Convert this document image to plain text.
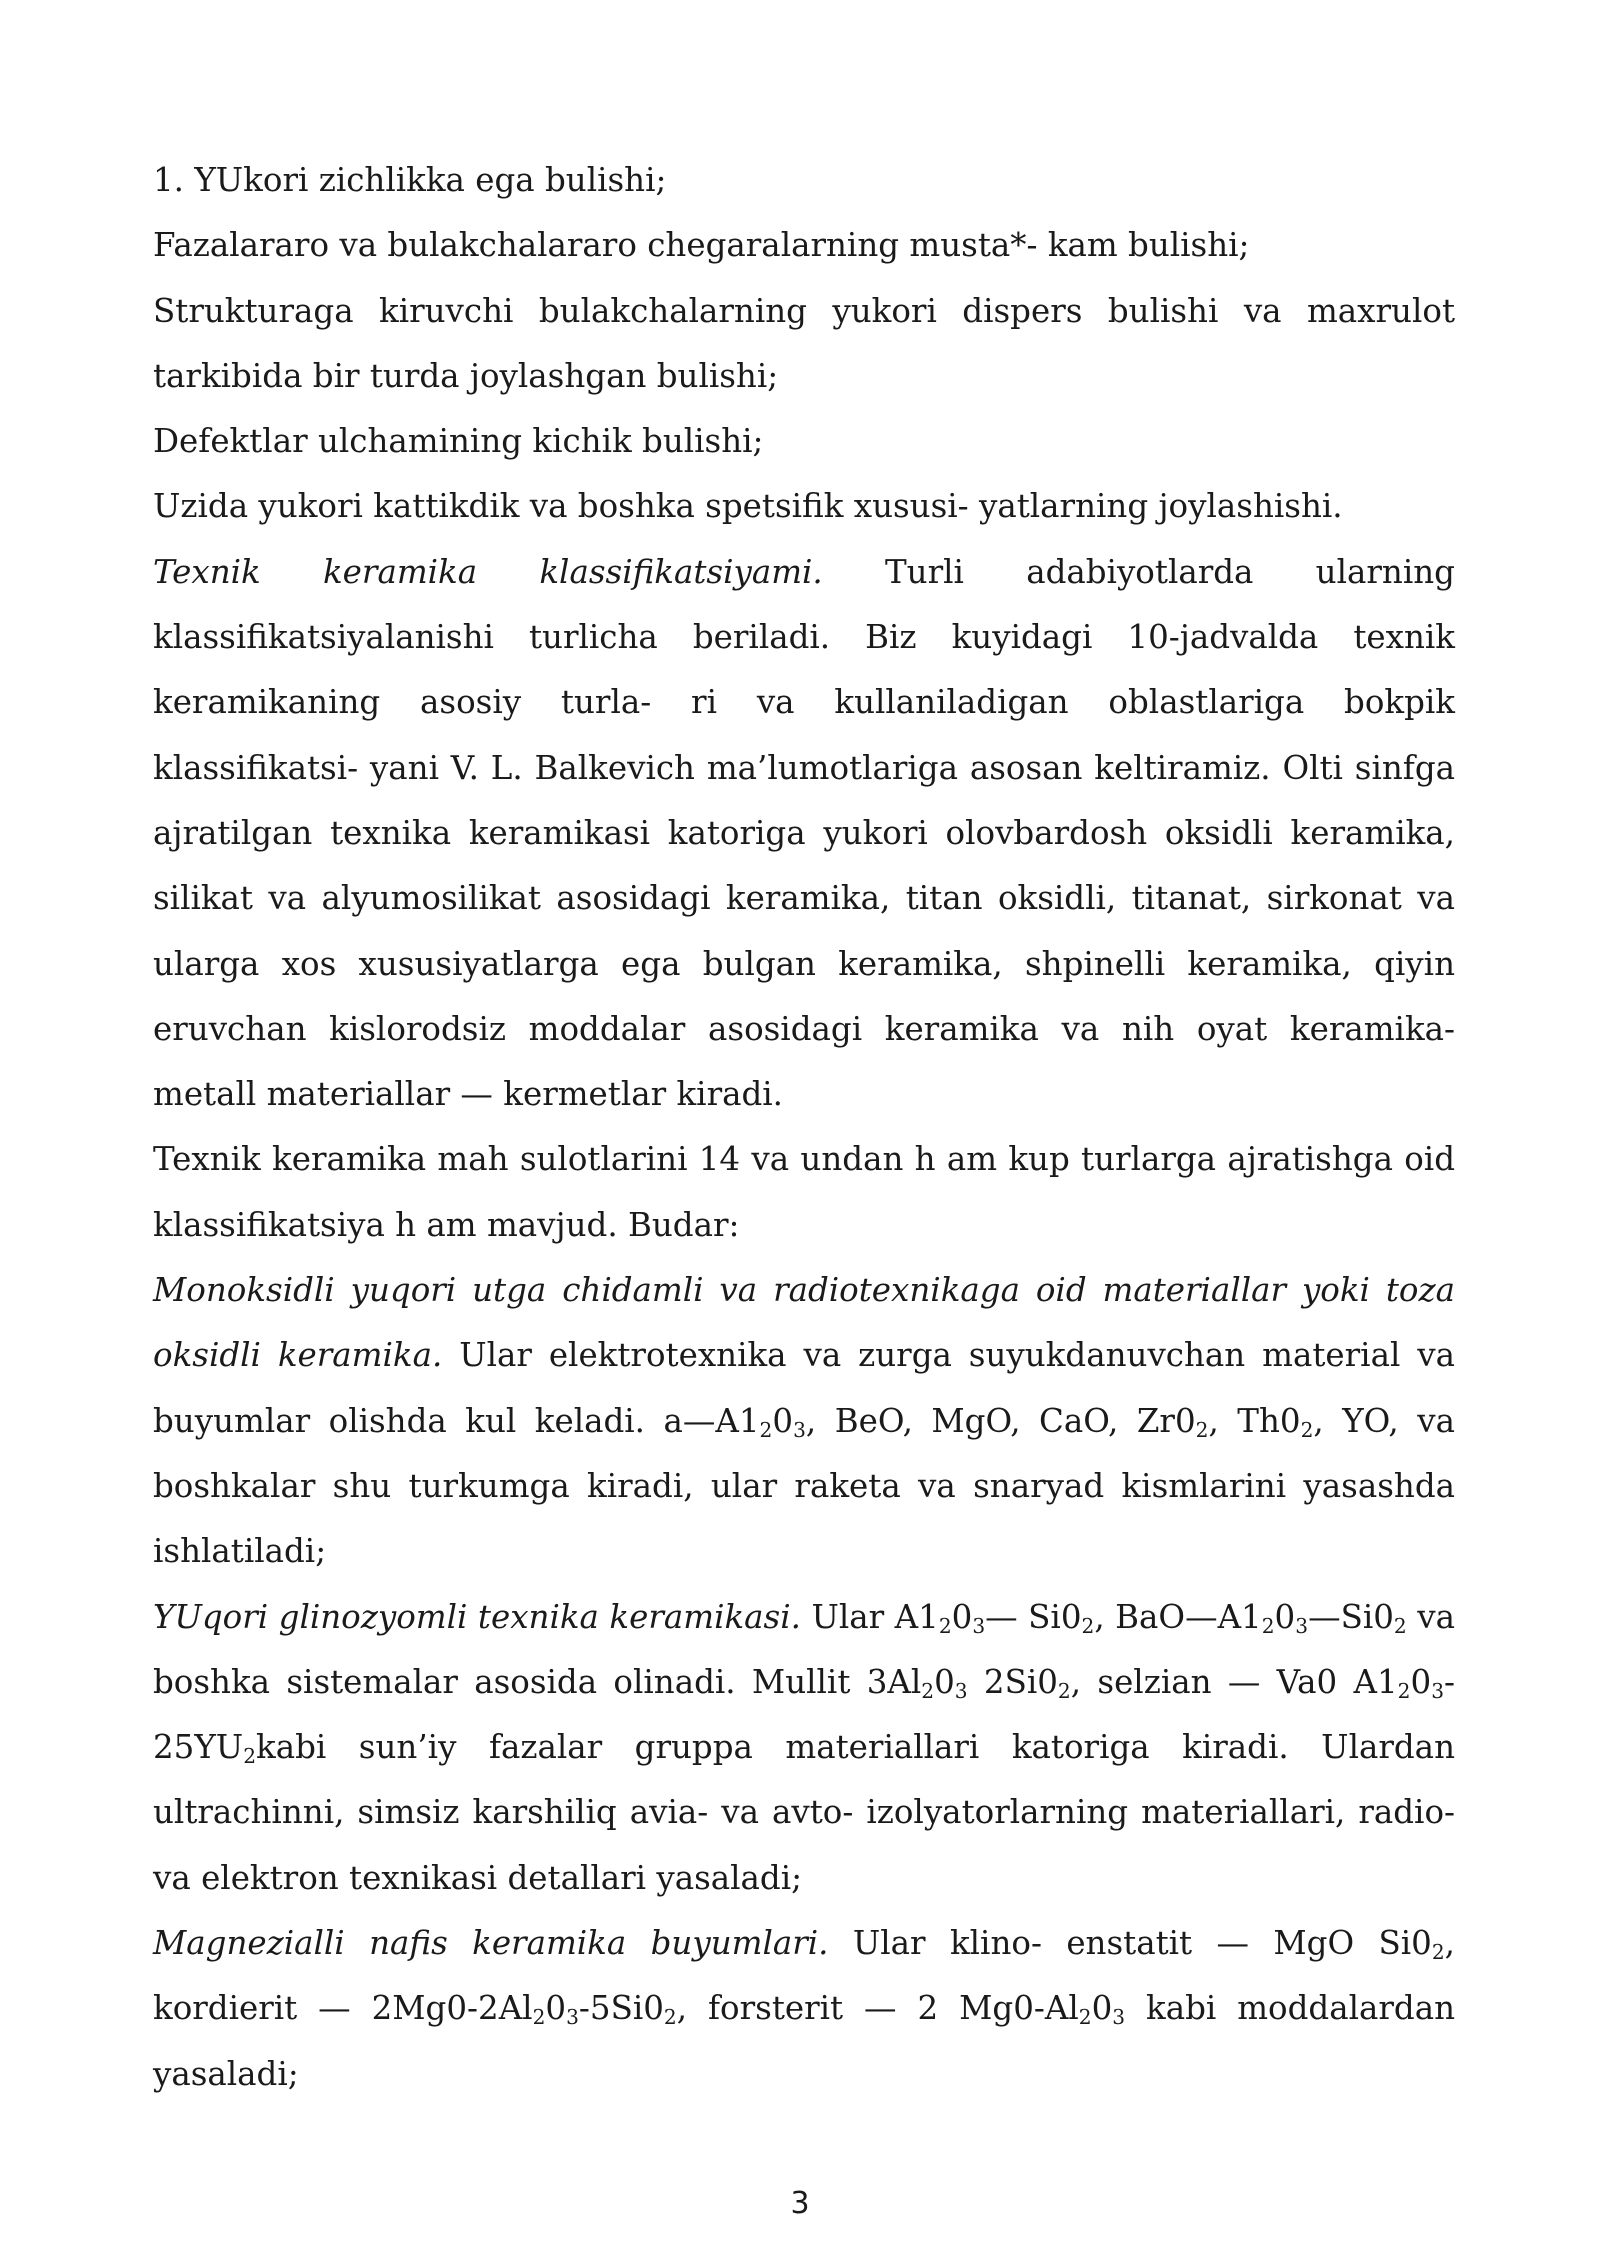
1. YUkori zichlikka ega bulishi;

Fazalararo va bulakchalararo chegaralarning musta*- kam bulishi;

Strukturaga kiruvchi bulakchalarning yukori dispers bulishi va maxrulot tarkibida bir turda joylashgan bulishi;

Defektlar ulchamining kichik bulishi;

Uzida yukori kattikdik va boshka spetsifik xususi- yatlarning joylashishi.

Texnik keramika klassifikatsiyami. Turli adabiyotlarda ularning klassifikatsiyalanishi turlicha beriladi. Biz kuyidagi 10-jadvalda texnik keramikaning asosiy turla- ri va kullaniladigan oblastlariga bokpik klassifikatsi- yani V. L. Balkevich ma’lumotlariga asosan keltiramiz. Olti sinfga ajratilgan texnika keramikasi katoriga yukori olovbardosh oksidli keramika, silikat va alyumosilikat asosidagi keramika, titan oksidli, titanat, sirkonat va ularga xos xususiyatlarga ega bulgan keramika, shpinelli keramika, qiyin eruvchan kislorodsiz moddalar asosidagi keramika va nih oyat keramika-metall materiallar — kermetlar kiradi.

Texnik keramika mah sulotlarini 14 va undan h am kup turlarga ajratishga oid klassifikatsiya h am mavjud. Budar:

Monoksidli yuqori utga chidamli va radiotexnikaga oid materiallar yoki toza oksidli keramika. Ular elektrotexnika va zurga suyukdanuvchan material va buyumlar olishda kul keladi. $a—A1_20_3$, BeO, MgO, CaO, $Zr0_2$, $Th0_2$, YO, va boshkalar shu turkumga kiradi, ular raketa va snaryad kismlarini yasashda ishlatiladi;

YUqori glinozyomli texnika keramikasi. Ular $A1_20_3—$ $Si0_2$, $BaO—A1_20_3—Si0_2$ va boshka sistemalar asosida olinadi. Mullit $3Al_20_3$ $2Si0_2$, selzian — Va0 $A1_20_3-25YU_2kabi$ sun’iy fazalar gruppa materiallari katoriga kiradi. Ulardan ultrachinni, simsiz karshiliq avia- va avto- izolyatorlarning materiallari, radio- va elektron texnikasi detallari yasaladi;

Magnezialli nafis keramika buyumlari. Ular klino- enstatit — MgO $Si0_2$, kordierit — $2Mg0-2Al_20_3-5Si0_2$, forsterit — 2 $Mg0-Al_20_3$ kabi moddalardan yasaladi;

3
